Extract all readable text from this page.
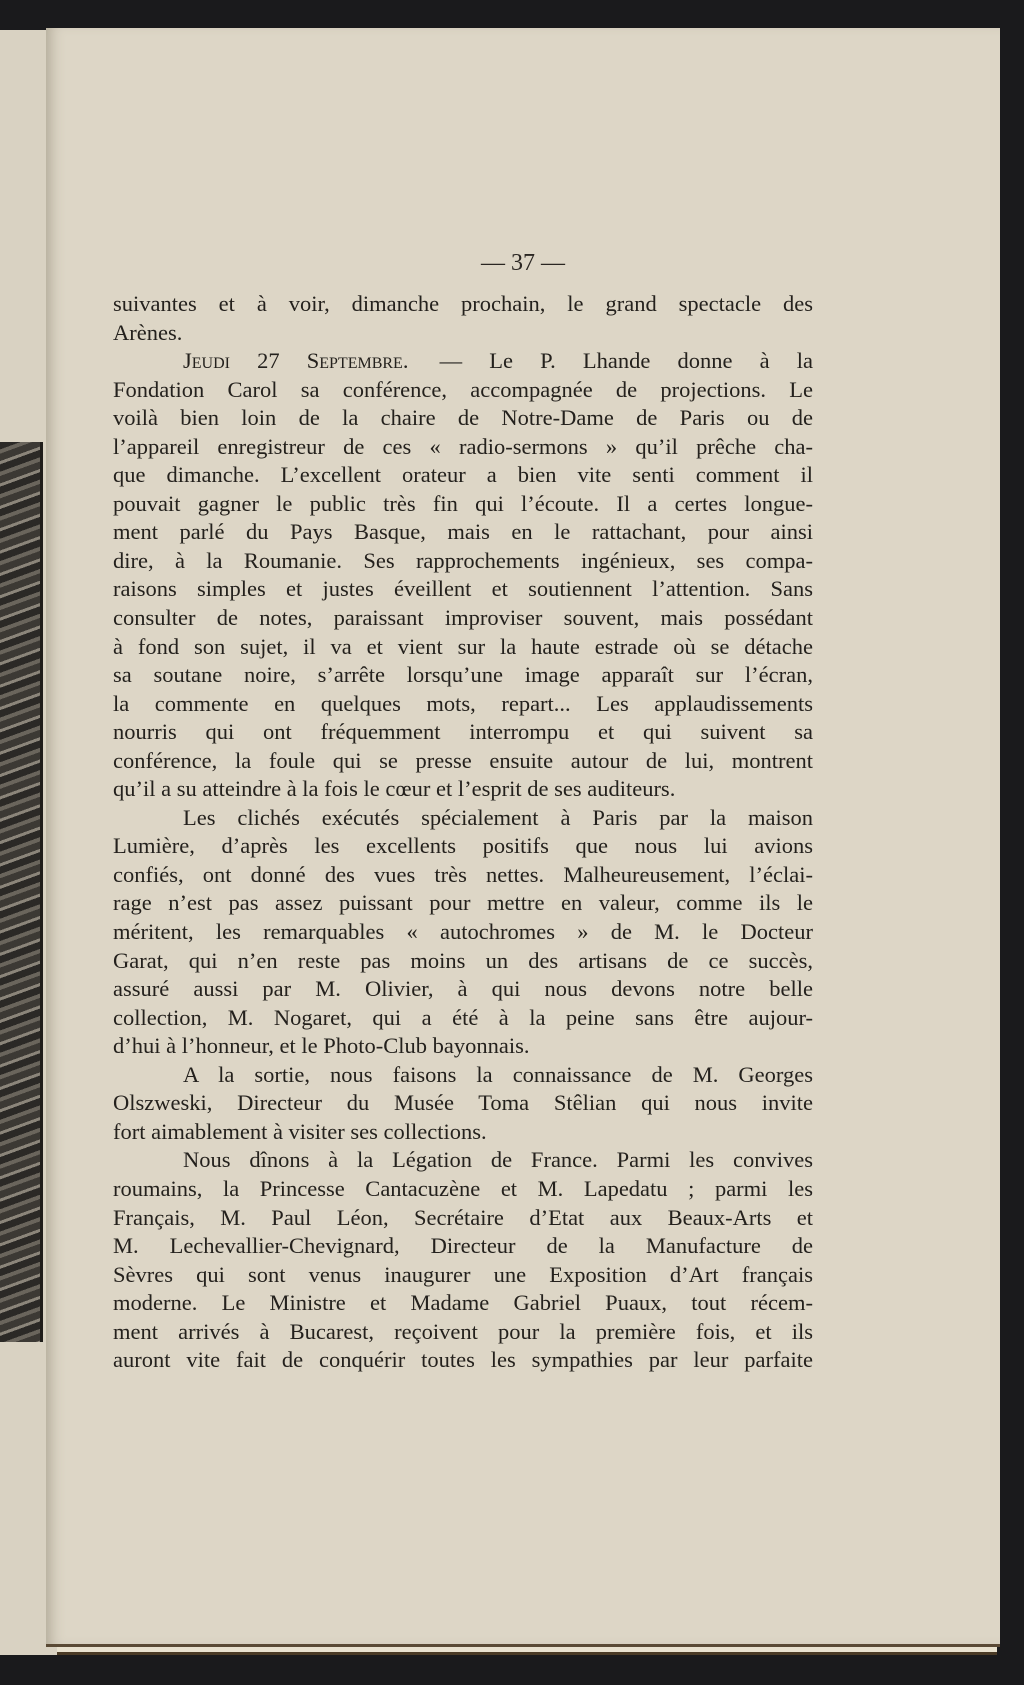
— 37 —
suivantes et à voir, dimanche prochain, le grand spectacle des
Arènes.
Jeudi 27 Septembre. — Le P. Lhande donne à la
Fondation Carol sa conférence, accompagnée de projections. Le
voilà bien loin de la chaire de Notre-Dame de Paris ou de
l’appareil enregistreur de ces « radio-sermons » qu’il prêche cha-
que dimanche. L’excellent orateur a bien vite senti comment il
pouvait gagner le public très fin qui l’écoute. Il a certes longue-
ment parlé du Pays Basque, mais en le rattachant, pour ainsi
dire, à la Roumanie. Ses rapprochements ingénieux, ses compa-
raisons simples et justes éveillent et soutiennent l’attention. Sans
consulter de notes, paraissant improviser souvent, mais possédant
à fond son sujet, il va et vient sur la haute estrade où se détache
sa soutane noire, s’arrête lorsqu’une image apparaît sur l’écran,
la commente en quelques mots, repart... Les applaudissements
nourris qui ont fréquemment interrompu et qui suivent sa
conférence, la foule qui se presse ensuite autour de lui, montrent
qu’il a su atteindre à la fois le cœur et l’esprit de ses auditeurs.
Les clichés exécutés spécialement à Paris par la maison
Lumière, d’après les excellents positifs que nous lui avions
confiés, ont donné des vues très nettes. Malheureusement, l’éclai-
rage n’est pas assez puissant pour mettre en valeur, comme ils le
méritent, les remarquables « autochromes » de M. le Docteur
Garat, qui n’en reste pas moins un des artisans de ce succès,
assuré aussi par M. Olivier, à qui nous devons notre belle
collection, M. Nogaret, qui a été à la peine sans être aujour-
d’hui à l’honneur, et le Photo-Club bayonnais.
A la sortie, nous faisons la connaissance de M. Georges
Olszweski, Directeur du Musée Toma Stêlian qui nous invite
fort aimablement à visiter ses collections.
Nous dînons à la Légation de France. Parmi les convives
roumains, la Princesse Cantacuzène et M. Lapedatu ; parmi les
Français, M. Paul Léon, Secrétaire d’Etat aux Beaux-Arts et
M. Lechevallier-Chevignard, Directeur de la Manufacture de
Sèvres qui sont venus inaugurer une Exposition d’Art français
moderne. Le Ministre et Madame Gabriel Puaux, tout récem-
ment arrivés à Bucarest, reçoivent pour la première fois, et ils
auront vite fait de conquérir toutes les sympathies par leur parfaite
